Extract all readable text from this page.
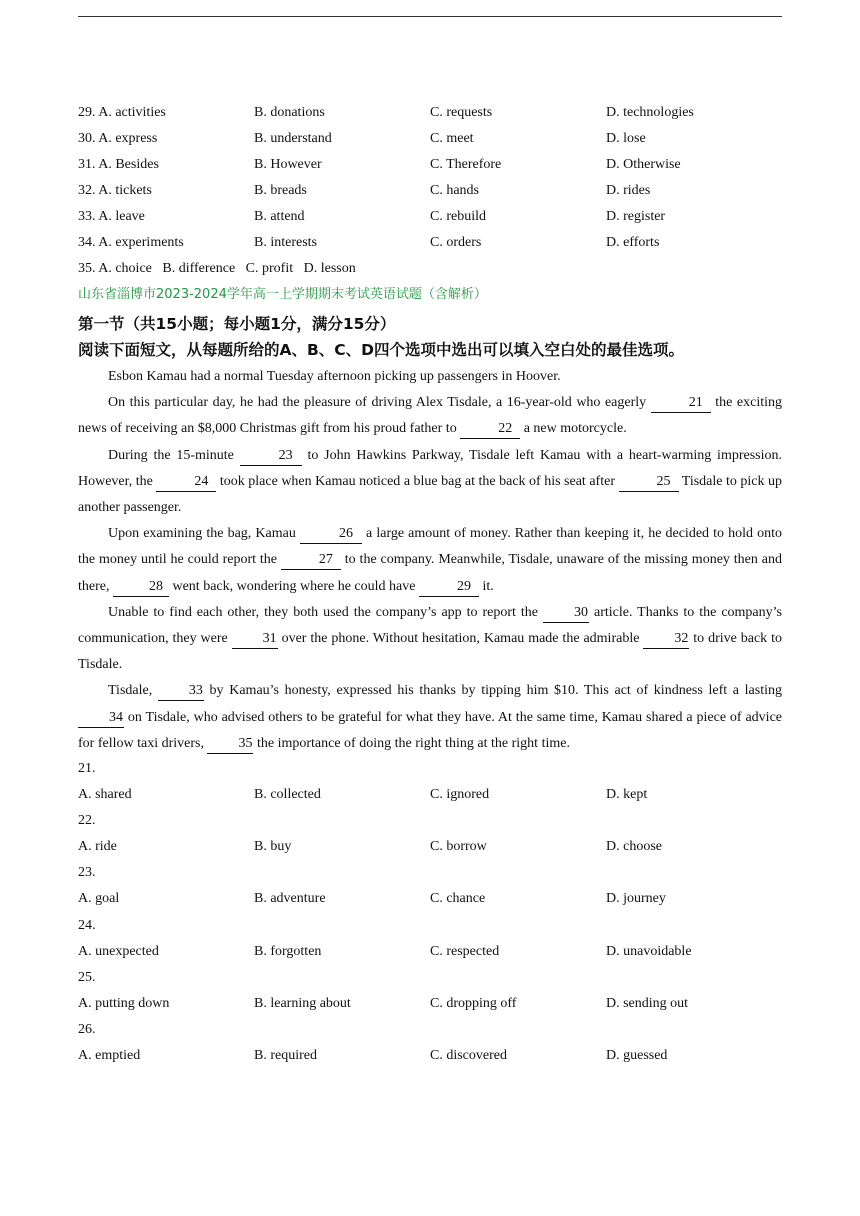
29. A. activities	B. donations	C. requests	D. technologies
30. A. express	B. understand	C. meet	D. lose
31. A. Besides	B. However	C. Therefore	D. Otherwise
32. A. tickets	B. breads	C. hands	D. rides
33. A. leave	B. attend	C. rebuild	D. register
34. A. experiments	B. interests	C. orders	D. efforts
35. A. choice   B. difference   C. profit   D. lesson
山东省淄博市2023-2024学年高一上学期期末考试英语试题（含解析）
第一节（共15小题；每小题1分，满分15分）
阅读下面短文，从每题所给的A、B、C、D四个选项中选出可以填入空白处的最佳选项。
Esbon Kamau had a normal Tuesday afternoon picking up passengers in Hoover.
On this particular day, he had the pleasure of driving Alex Tisdale, a 16-year-old who eagerly	21 the exciting news of receiving an $8,000 Christmas gift from his proud father to	22 a new motorcycle.
During the 15-minute	23 to John Hawkins Parkway, Tisdale left Kamau with a heart-warming impression. However, the	24 took place when Kamau noticed a blue bag at the back of his seat after	25 Tisdale to pick up another passenger.
Upon examining the bag, Kamau	26 a large amount of money. Rather than keeping it, he decided to hold onto the money until he could report the	27 to the company. Meanwhile, Tisdale, unaware of the missing money then and there,	28 went back, wondering where he could have	29 it.
Unable to find each other, they both used the company’s app to report the 30 article. Thanks to the company’s communication, they were 31 over the phone. Without hesitation, Kamau made the admirable 32 to drive back to Tisdale.
Tisdale, 33 by Kamau’s honesty, expressed his thanks by tipping him $10. This act of kindness left a lasting 34 on Tisdale, who advised others to be grateful for what they have. At the same time, Kamau shared a piece of advice for fellow taxi drivers, 35 the importance of doing the right thing at the right time.
21.
A. shared	B. collected	C. ignored	D. kept
22.
A. ride	B. buy	C. borrow	D. choose
23.
A. goal	B. adventure	C. chance	D. journey
24.
A. unexpected	B. forgotten	C. respected	D. unavoidable
25.
A. putting down	B. learning about	C. dropping off	D. sending out
26.
A. emptied	B. required	C. discovered	D. guessed
